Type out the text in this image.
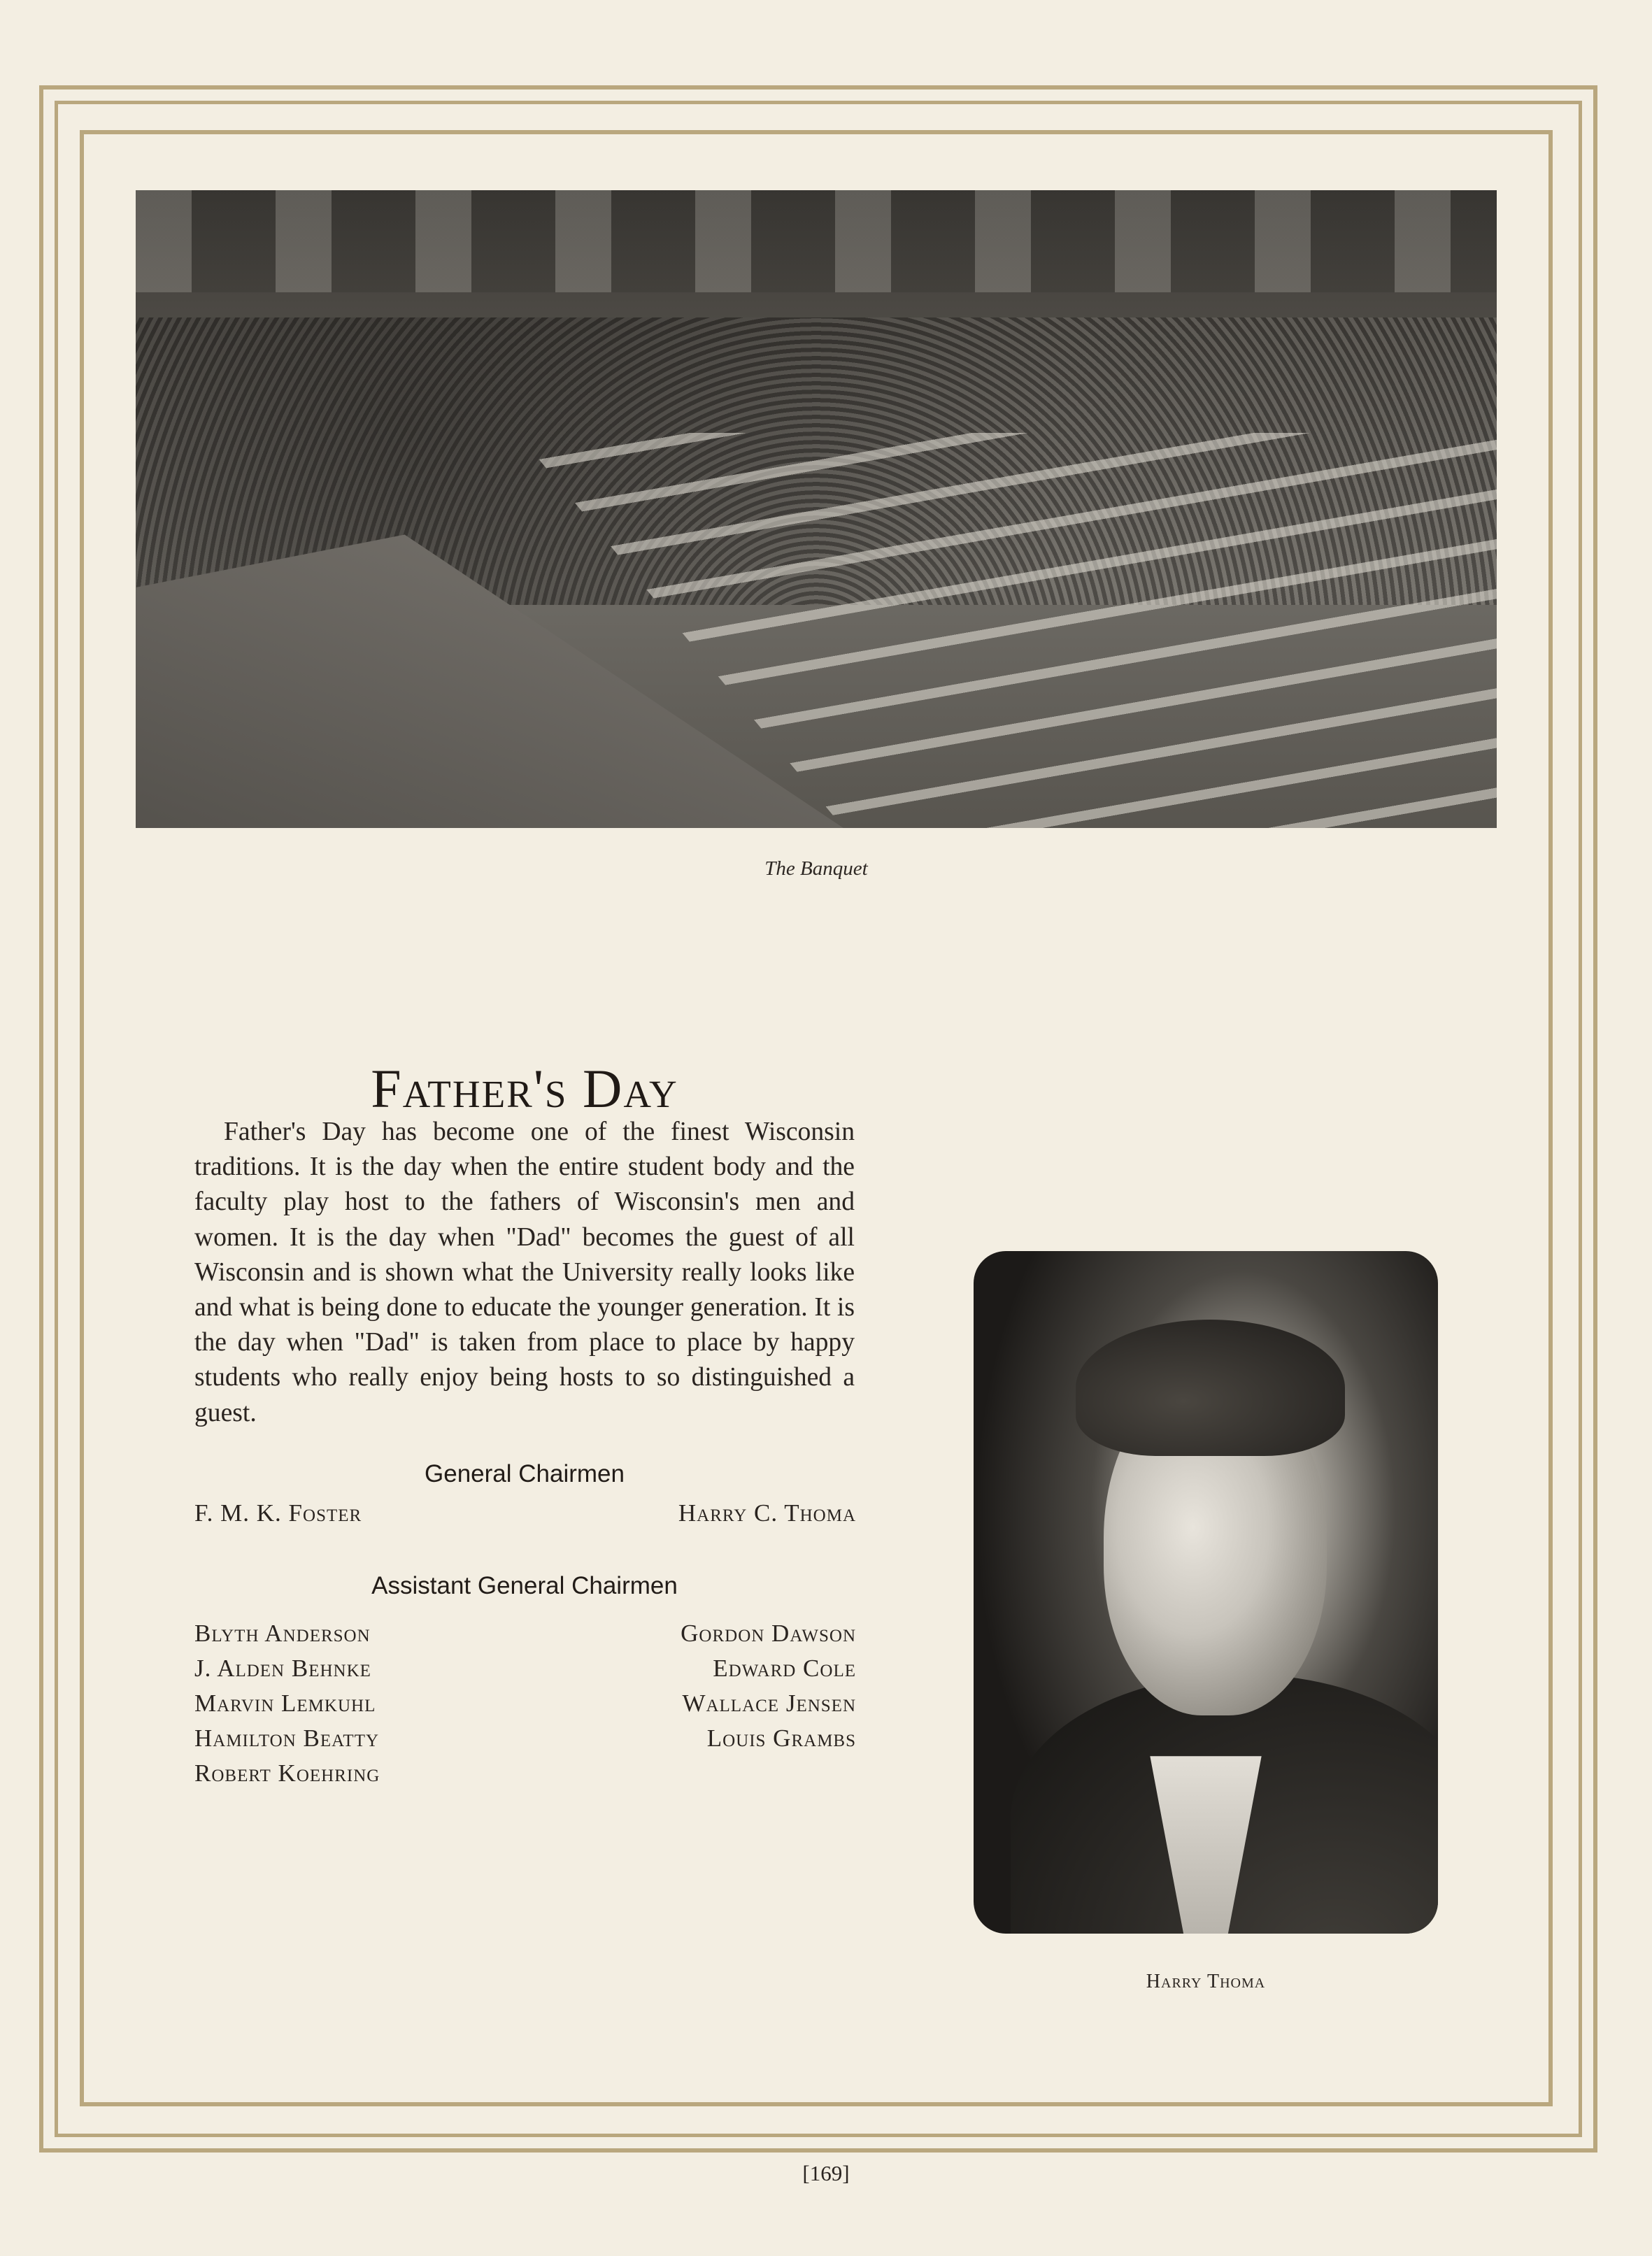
The Banquet
Father's Day

Father's Day has become one of the finest Wisconsin traditions. It is the day when the entire student body and the faculty play host to the fathers of Wisconsin's men and women. It is the day when "Dad" becomes the guest of all Wisconsin and is shown what the University really looks like and what is being done to educate the younger generation. It is the day when "Dad" is taken from place to place by happy students who really enjoy being hosts to so distinguished a guest.

General Chairmen
F. M. K. Foster	Harry C. Thoma
Assistant General Chairmen
Blyth Anderson
J. Alden Behnke
Marvin Lemkuhl
Hamilton Beatty
Robert Koehring
Gordon Dawson
Edward Cole
Wallace Jensen
Louis Grambs
Harry Thoma
[169]
